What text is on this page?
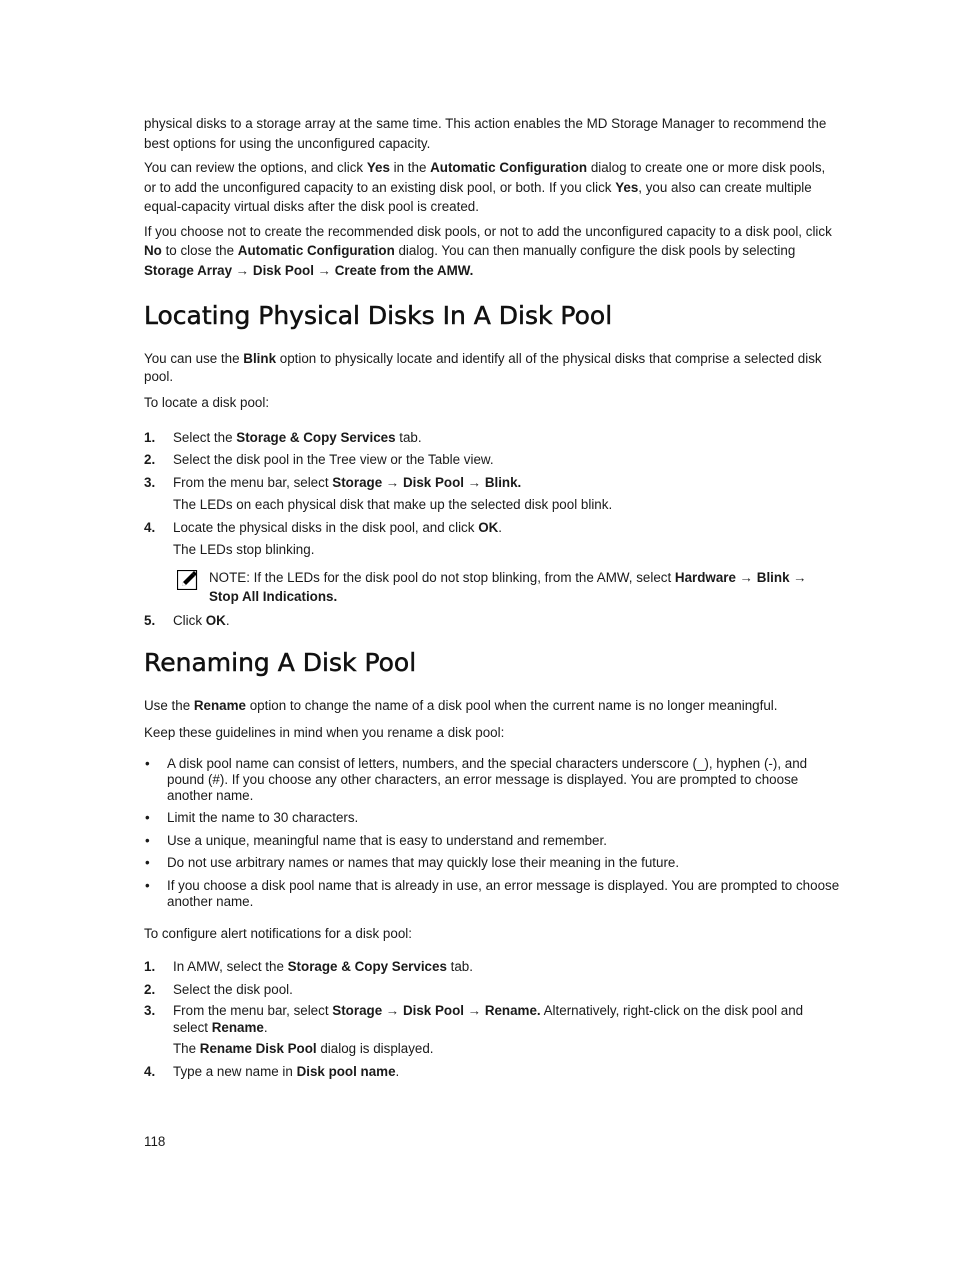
physical disks to a storage array at the same time. This action enables the MD Storage Manager to recommend the best options for using the unconfigured capacity.

You can review the options, and click Yes in the Automatic Configuration dialog to create one or more disk pools, or to add the unconfigured capacity to an existing disk pool, or both. If you click Yes, you also can create multiple equal-capacity virtual disks after the disk pool is created.

If you choose not to create the recommended disk pools, or not to add the unconfigured capacity to a disk pool, click No to close the Automatic Configuration dialog. You can then manually configure the disk pools by selecting Storage Array → Disk Pool → Create from the AMW.

Locating Physical Disks In A Disk Pool

You can use the Blink option to physically locate and identify all of the physical disks that comprise a selected disk pool.

To locate a disk pool:

1. Select the Storage & Copy Services tab.
2. Select the disk pool in the Tree view or the Table view.
3. From the menu bar, select Storage → Disk Pool → Blink.

The LEDs on each physical disk that make up the selected disk pool blink.

4. Locate the physical disks in the disk pool, and click OK.

The LEDs stop blinking.

NOTE: If the LEDs for the disk pool do not stop blinking, from the AMW, select Hardware → Blink → Stop All Indications.
5. Click OK.
Renaming A Disk Pool

Use the Rename option to change the name of a disk pool when the current name is no longer meaningful.

Keep these guidelines in mind when you rename a disk pool:

• A disk pool name can consist of letters, numbers, and the special characters underscore (_), hyphen (-), and pound (#). If you choose any other characters, an error message is displayed. You are prompted to choose another name.
• Limit the name to 30 characters.
• Use a unique, meaningful name that is easy to understand and remember.
• Do not use arbitrary names or names that may quickly lose their meaning in the future.
• If you choose a disk pool name that is already in use, an error message is displayed. You are prompted to choose another name.

To configure alert notifications for a disk pool:

1. In AMW, select the Storage & Copy Services tab.
2. Select the disk pool.
3. From the menu bar, select Storage → Disk Pool → Rename. Alternatively, right-click on the disk pool and select Rename.

The Rename Disk Pool dialog is displayed.

4. Type a new name in Disk pool name.
118
